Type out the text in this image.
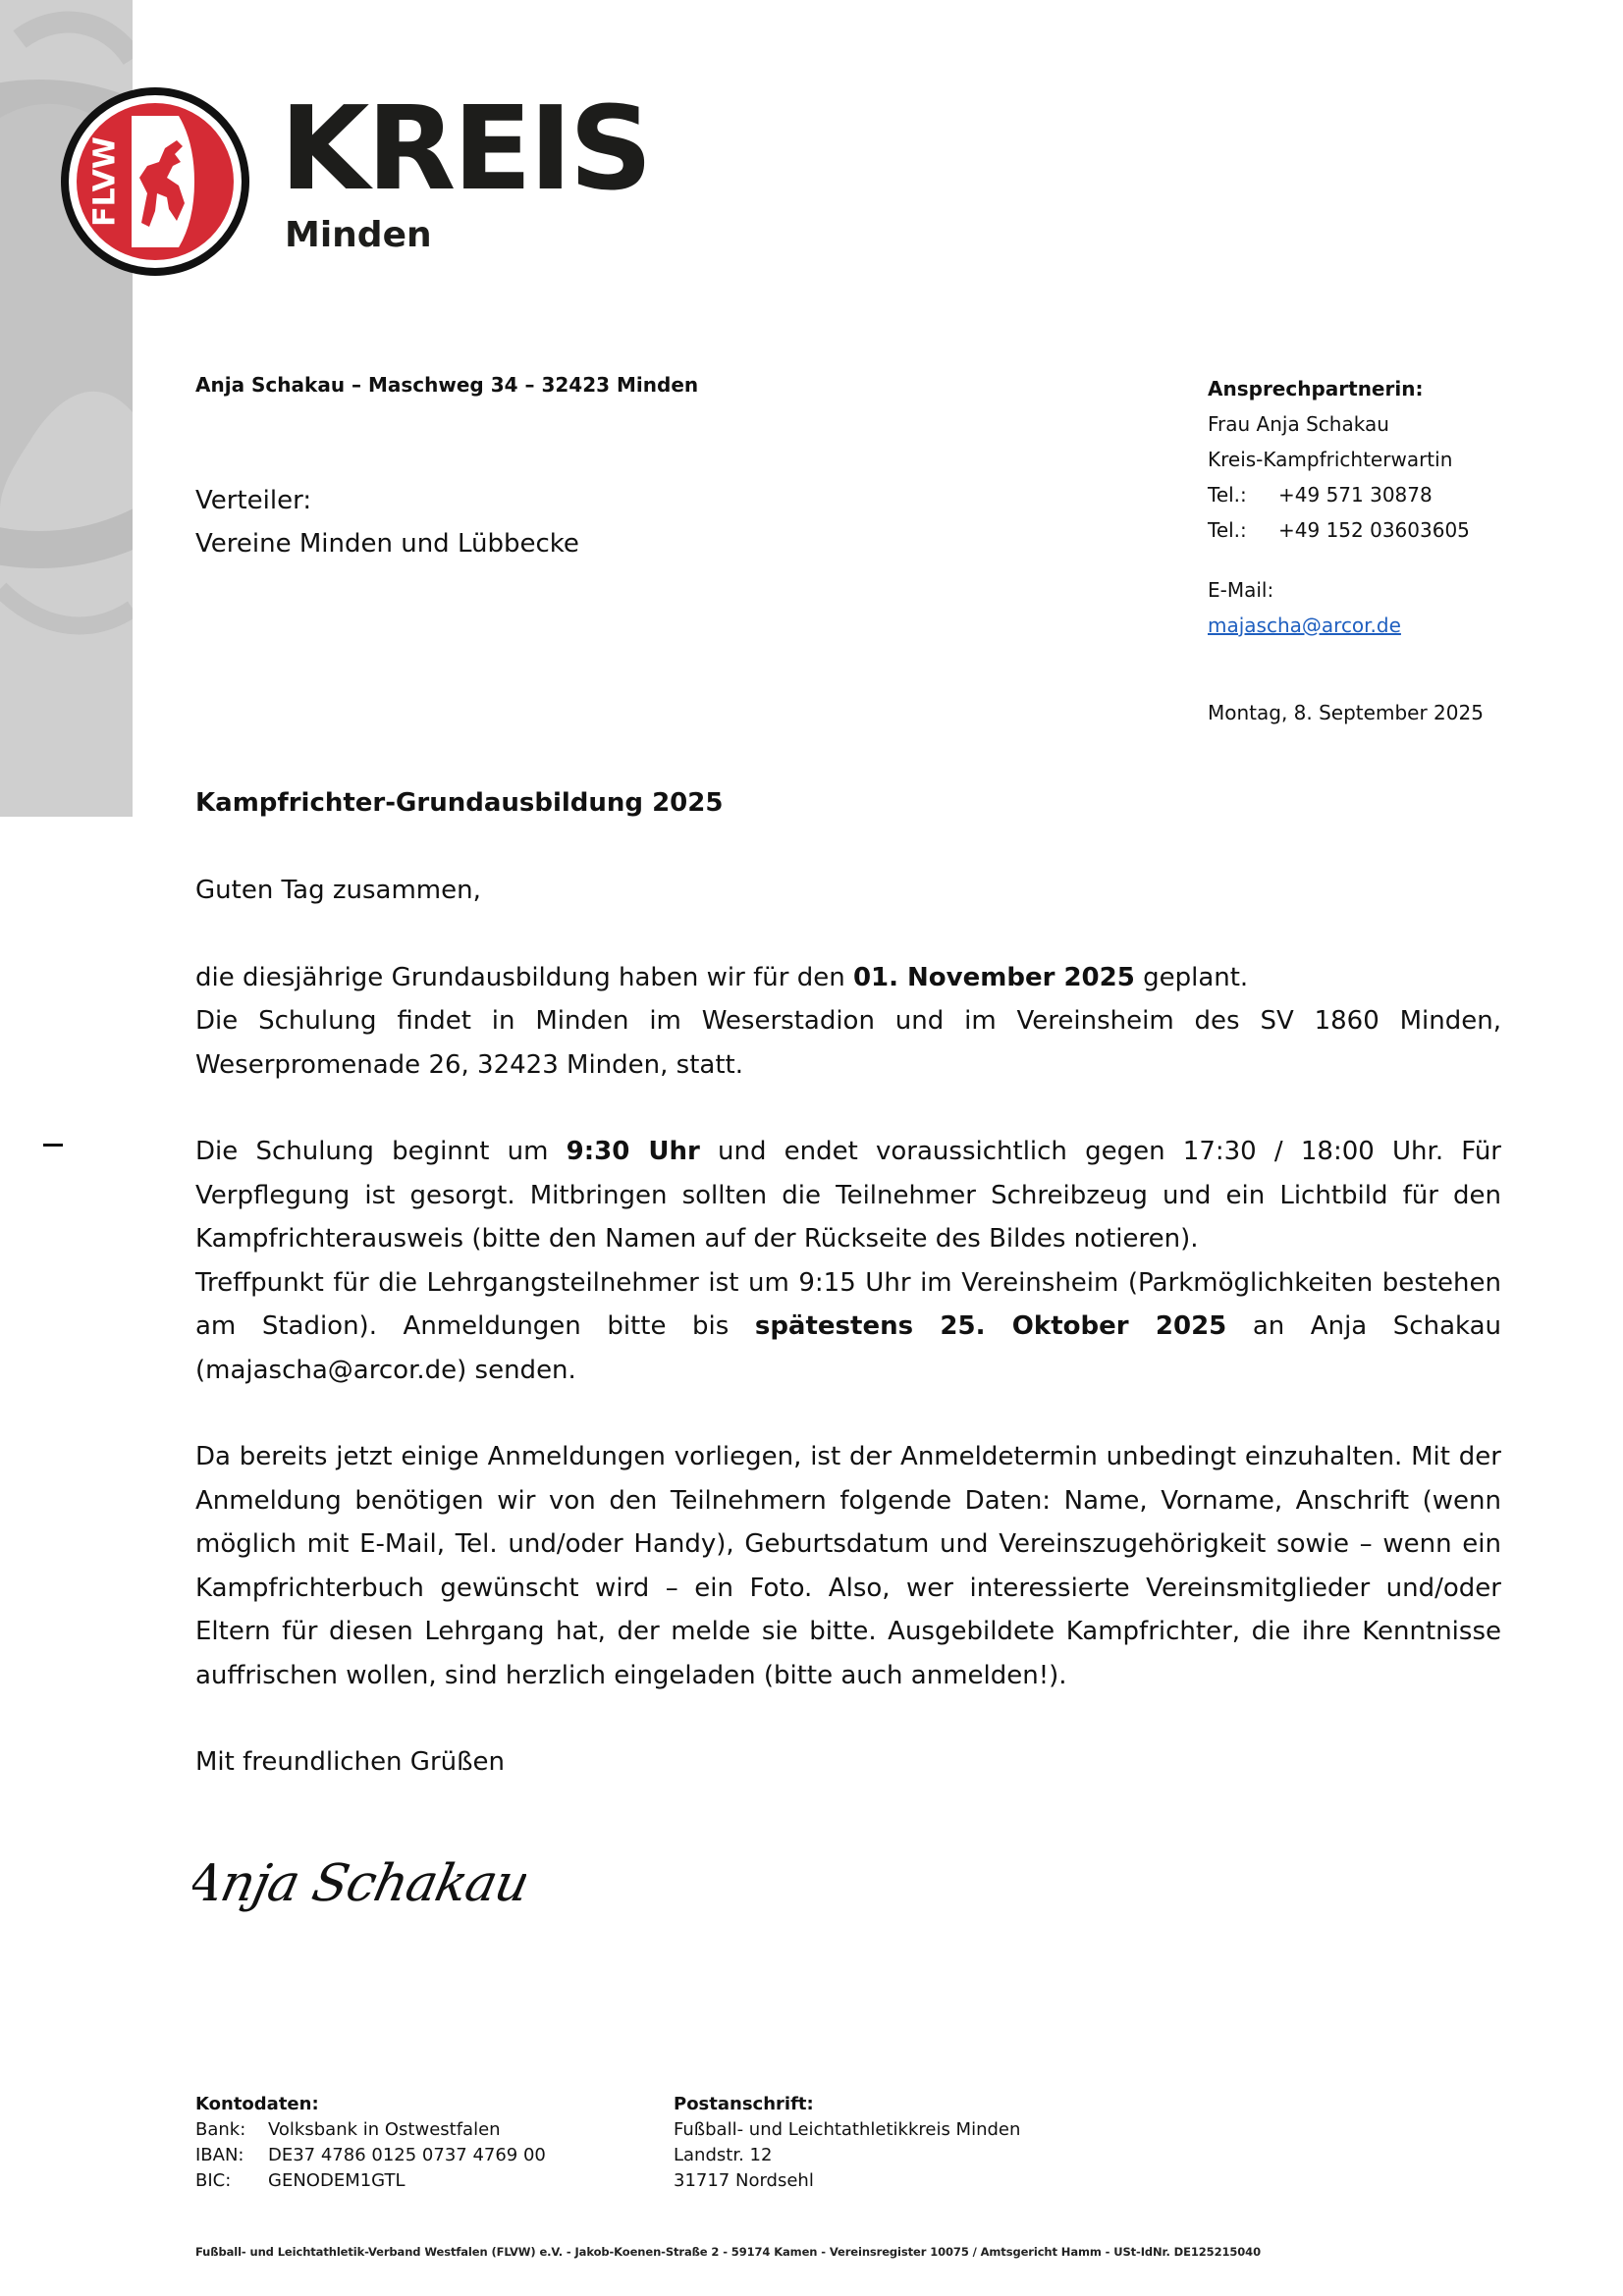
FLVW KREIS
Minden
Anja Schakau – Maschweg 34 – 32423 Minden
Verteiler:
Vereine Minden und Lübbecke
Ansprechpartnerin:
Frau Anja Schakau
Kreis-Kampfrichterwartin
Tel.: +49 571 30878
Tel.: +49 152 03603605
E-Mail:
majascha@arcor.de
Montag, 8. September 2025
Kampfrichter-Grundausbildung 2025

Guten Tag zusammen,

die diesjährige Grundausbildung haben wir für den 01. November 2025 geplant.

Die Schulung findet in Minden im Weserstadion und im Vereinsheim des SV 1860 Minden, Weserpromenade 26, 32423 Minden, statt.

Die Schulung beginnt um 9:30 Uhr und endet voraussichtlich gegen 17:30 / 18:00 Uhr. Für Verpflegung ist gesorgt. Mitbringen sollten die Teilnehmer Schreibzeug und ein Lichtbild für den Kampfrichterausweis (bitte den Namen auf der Rückseite des Bildes notieren).

Treffpunkt für die Lehrgangsteilnehmer ist um 9:15 Uhr im Vereinsheim (Parkmöglichkeiten bestehen am Stadion). Anmeldungen bitte bis spätestens 25. Oktober 2025 an Anja Schakau (majascha@arcor.de) senden.

Da bereits jetzt einige Anmeldungen vorliegen, ist der Anmeldetermin unbedingt einzuhalten. Mit der Anmeldung benötigen wir von den Teilnehmern folgende Daten: Name, Vorname, Anschrift (wenn möglich mit E-Mail, Tel. und/oder Handy), Geburtsdatum und Vereinszugehörigkeit sowie – wenn ein Kampfrichterbuch gewünscht wird – ein Foto. Also, wer interessierte Vereinsmitglieder und/oder Eltern für diesen Lehrgang hat, der melde sie bitte. Ausgebildete Kampfrichter, die ihre Kenntnisse auffrischen wollen, sind herzlich eingeladen (bitte auch anmelden!).

Mit freundlichen Grüßen

Anja Schakau
Kontodaten:
Bank: Volksbank in Ostwestfalen
IBAN: DE37 4786 0125 0737 4769 00
BIC: GENODEM1GTL
Postanschrift:
Fußball- und Leichtathletikkreis Minden
Landstr. 12
31717 Nordsehl
Fußball- und Leichtathletik-Verband Westfalen (FLVW) e.V. - Jakob-Koenen-Straße 2 - 59174 Kamen - Vereinsregister 10075 / Amtsgericht Hamm - USt-IdNr. DE125215040
